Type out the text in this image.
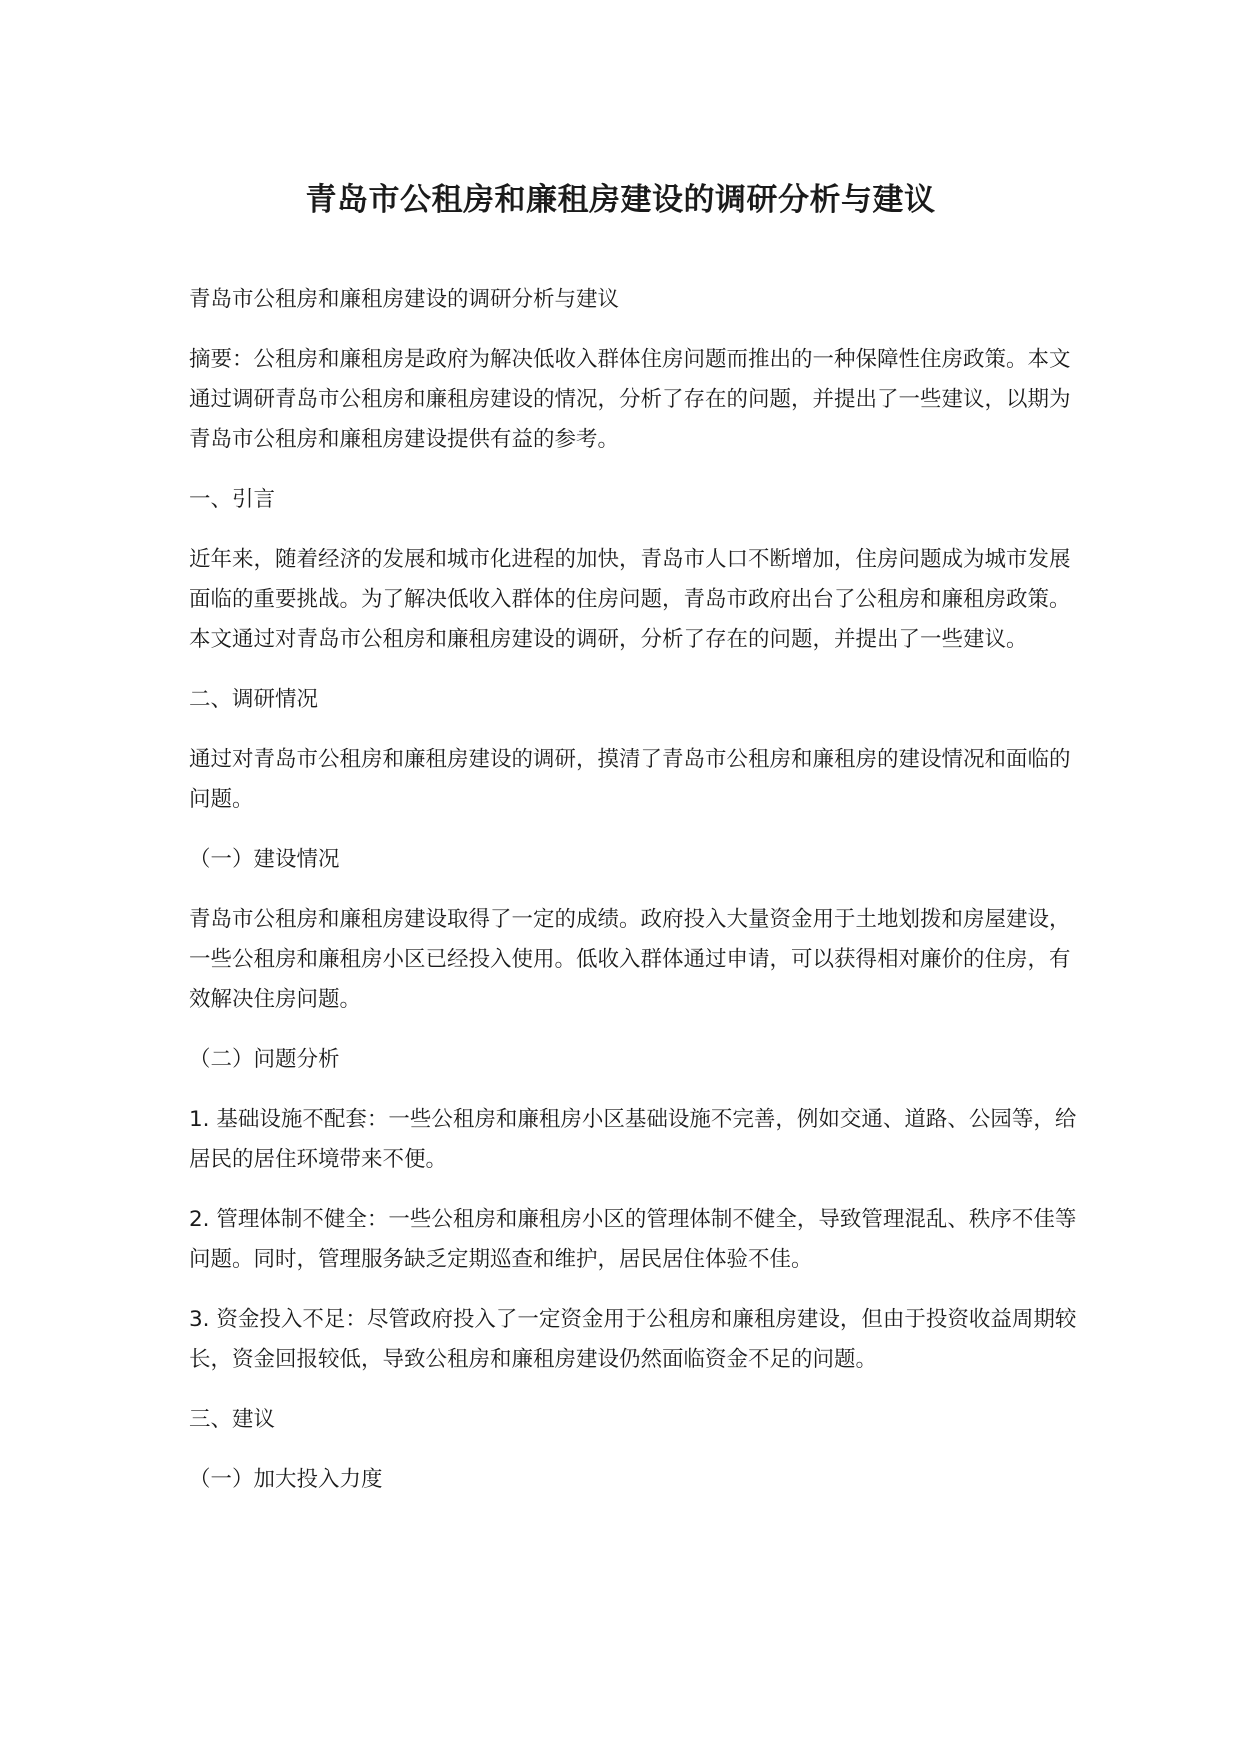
青岛市公租房和廉租房建设的调研分析与建议

青岛市公租房和廉租房建设的调研分析与建议

摘要：公租房和廉租房是政府为解决低收入群体住房问题而推出的一种保障性住房政策。本文通过调研青岛市公租房和廉租房建设的情况，分析了存在的问题，并提出了一些建议，以期为青岛市公租房和廉租房建设提供有益的参考。

一、引言

近年来，随着经济的发展和城市化进程的加快，青岛市人口不断增加，住房问题成为城市发展面临的重要挑战。为了解决低收入群体的住房问题，青岛市政府出台了公租房和廉租房政策。本文通过对青岛市公租房和廉租房建设的调研，分析了存在的问题，并提出了一些建议。

二、调研情况

通过对青岛市公租房和廉租房建设的调研，摸清了青岛市公租房和廉租房的建设情况和面临的问题。

（一）建设情况

青岛市公租房和廉租房建设取得了一定的成绩。政府投入大量资金用于土地划拨和房屋建设，一些公租房和廉租房小区已经投入使用。低收入群体通过申请，可以获得相对廉价的住房，有效解决住房问题。

（二）问题分析

1. 基础设施不配套：一些公租房和廉租房小区基础设施不完善，例如交通、道路、公园等，给居民的居住环境带来不便。

2. 管理体制不健全：一些公租房和廉租房小区的管理体制不健全，导致管理混乱、秩序不佳等问题。同时，管理服务缺乏定期巡查和维护，居民居住体验不佳。

3. 资金投入不足：尽管政府投入了一定资金用于公租房和廉租房建设，但由于投资收益周期较长，资金回报较低，导致公租房和廉租房建设仍然面临资金不足的问题。

三、建议

（一）加大投入力度
